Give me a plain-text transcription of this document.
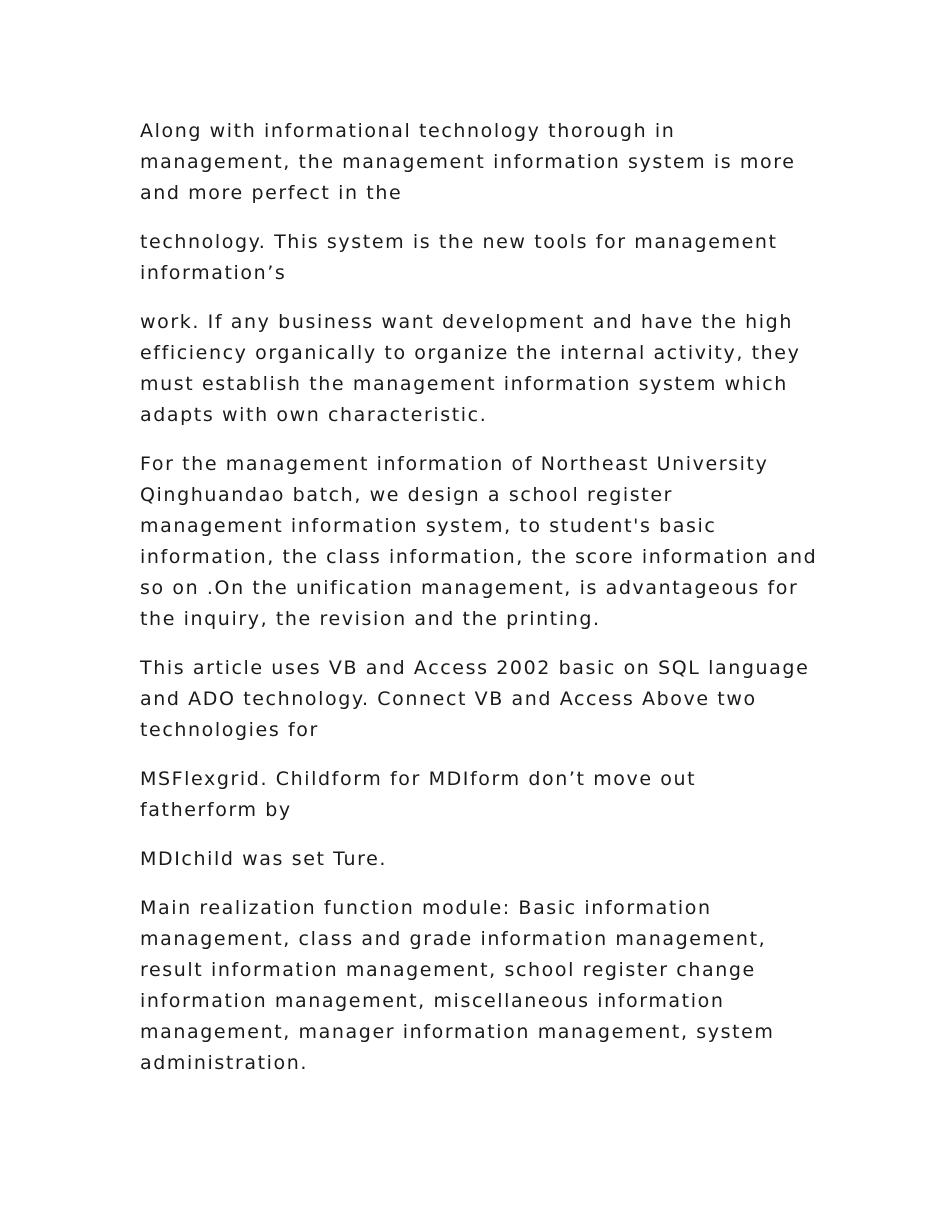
Along with informational technology thorough in management, the management information system is more and more perfect in the

technology. This system is the new tools for management information’s

work. If any business want development and have the high efficiency organically to organize the internal activity, they must establish the management information system which adapts with own characteristic.

For the management information of Northeast University Qinghuandao batch, we design a school register management information system, to student's basic information, the class information, the score information and so on .On the unification management, is advantageous for the inquiry, the revision and the printing.

This article uses VB and Access 2002 basic on SQL language and ADO technology. Connect VB and Access Above two technologies for

MSFlexgrid. Childform for MDIform don’t move out fatherform by

MDIchild was set Ture.

Main realization function module: Basic information management, class and grade information management, result information management, school register change information management, miscellaneous information management, manager information management, system administration.
